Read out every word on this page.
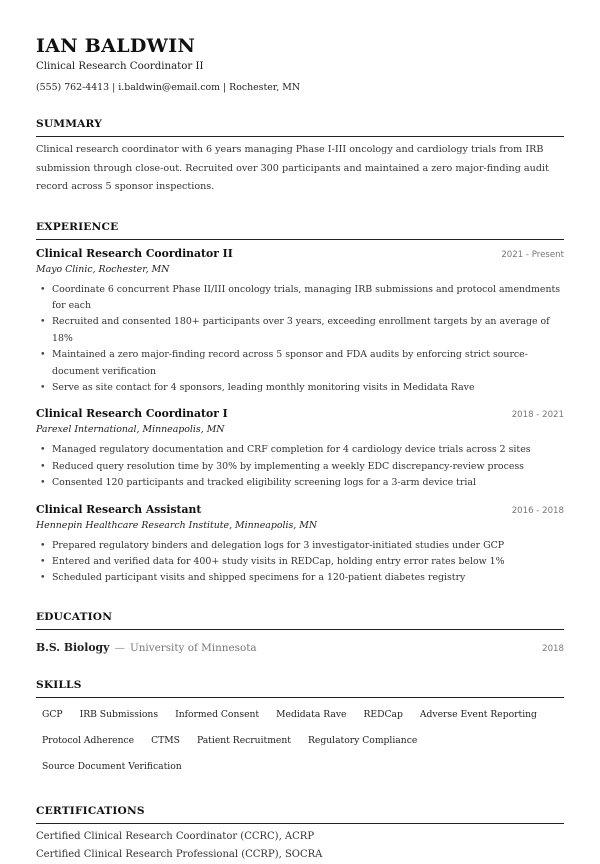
IAN BALDWIN
Clinical Research Coordinator II
(555) 762-4413 | i.baldwin@email.com | Rochester, MN
SUMMARY
Clinical research coordinator with 6 years managing Phase I-III oncology and cardiology trials from IRB submission through close-out. Recruited over 300 participants and maintained a zero major-finding audit record across 5 sponsor inspections.
EXPERIENCE
Clinical Research Coordinator II	2021 - Present
Mayo Clinic, Rochester, MN
• Coordinate 6 concurrent Phase II/III oncology trials, managing IRB submissions and protocol amendments for each
• Recruited and consented 180+ participants over 3 years, exceeding enrollment targets by an average of 18%
• Maintained a zero major-finding record across 5 sponsor and FDA audits by enforcing strict source-document verification
• Serve as site contact for 4 sponsors, leading monthly monitoring visits in Medidata Rave
Clinical Research Coordinator I	2018 - 2021
Parexel International, Minneapolis, MN
• Managed regulatory documentation and CRF completion for 4 cardiology device trials across 2 sites
• Reduced query resolution time by 30% by implementing a weekly EDC discrepancy-review process
• Consented 120 participants and tracked eligibility screening logs for a 3-arm device trial
Clinical Research Assistant	2016 - 2018
Hennepin Healthcare Research Institute, Minneapolis, MN
• Prepared regulatory binders and delegation logs for 3 investigator-initiated studies under GCP
• Entered and verified data for 400+ study visits in REDCap, holding entry error rates below 1%
• Scheduled participant visits and shipped specimens for a 120-patient diabetes registry
EDUCATION
B.S. Biology — University of Minnesota	2018
SKILLS
GCP	IRB Submissions	Informed Consent	Medidata Rave	REDCap	Adverse Event Reporting
Protocol Adherence	CTMS	Patient Recruitment	Regulatory Compliance
Source Document Verification
CERTIFICATIONS
Certified Clinical Research Coordinator (CCRC), ACRP
Certified Clinical Research Professional (CCRP), SOCRA
